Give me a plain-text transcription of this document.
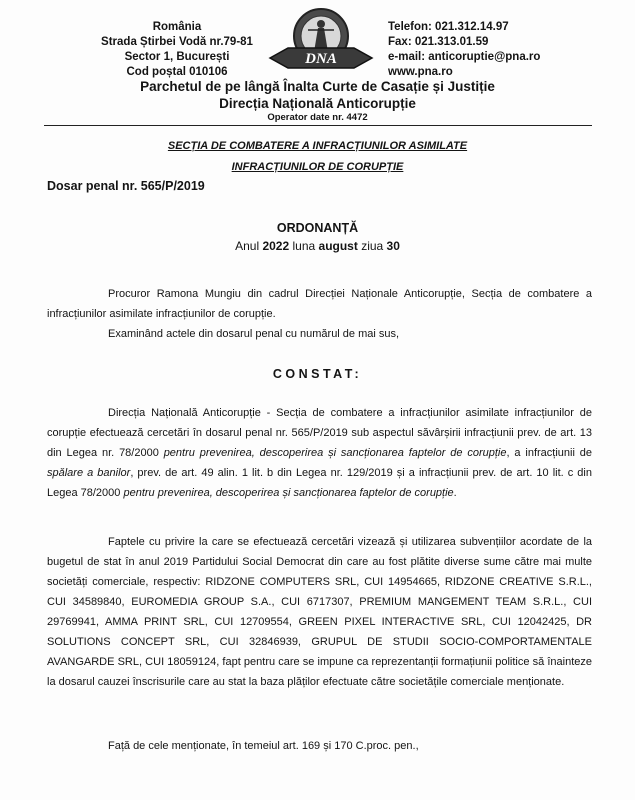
România
Strada Știrbei Vodă nr.79-81
Sector 1, București
Cod poștal 010106
DNA
Telefon: 021.312.14.97
Fax: 021.313.01.59
e-mail: anticoruptie@pna.ro
www.pna.ro
Parchetul de pe lângă Înalta Curte de Casație și Justiție
Direcția Națională Anticorupție
Operator date nr. 4472
SECȚIA DE COMBATERE A INFRACȚIUNILOR ASIMILATE INFRACȚIUNILOR DE CORUPȚIE
Dosar penal nr. 565/P/2019
ORDONANȚĂ
Anul 2022 luna august ziua 30
Procuror Ramona Mungiu din cadrul Direcției Naționale Anticorupție, Secția de combatere a infracțiunilor asimilate infracțiunilor de corupție.
Examinând actele din dosarul penal cu numărul de mai sus,
CONSTAT:
Direcția Națională Anticorupție - Secția de combatere a infracțiunilor asimilate infracțiunilor de corupție efectuează cercetări în dosarul penal nr. 565/P/2019 sub aspectul săvârșirii infracțiunii prev. de art. 13 din Legea nr. 78/2000 pentru prevenirea, descoperirea și sancționarea faptelor de corupție, a infracțiunii de spălare a banilor, prev. de art. 49 alin. 1 lit. b din Legea nr. 129/2019 și a infracțiunii prev. de art. 10 lit. c din Legea 78/2000 pentru prevenirea, descoperirea și sancționarea faptelor de corupție.
Faptele cu privire la care se efectuează cercetări vizează și utilizarea subvențiilor acordate de la bugetul de stat în anul 2019 Partidului Social Democrat din care au fost plătite diverse sume către mai multe societăți comerciale, respectiv: RIDZONE COMPUTERS SRL, CUI 14954665, RIDZONE CREATIVE S.R.L., CUI 34589840, EUROMEDIA GROUP S.A., CUI 6717307, PREMIUM MANGEMENT TEAM S.R.L., CUI 29769941, AMMA PRINT SRL, CUI 12709554, GREEN PIXEL INTERACTIVE SRL, CUI 12042425, DR SOLUTIONS CONCEPT SRL, CUI 32846939, GRUPUL DE STUDII SOCIO-COMPORTAMENTALE AVANGARDE SRL, CUI 18059124, fapt pentru care se impune ca reprezentanții formațiunii politice să înainteze la dosarul cauzei înscrisurile care au stat la baza plăților efectuate către societățile comerciale menționate.
Față de cele menționate, în temeiul art. 169 și 170 C.proc. pen.,
